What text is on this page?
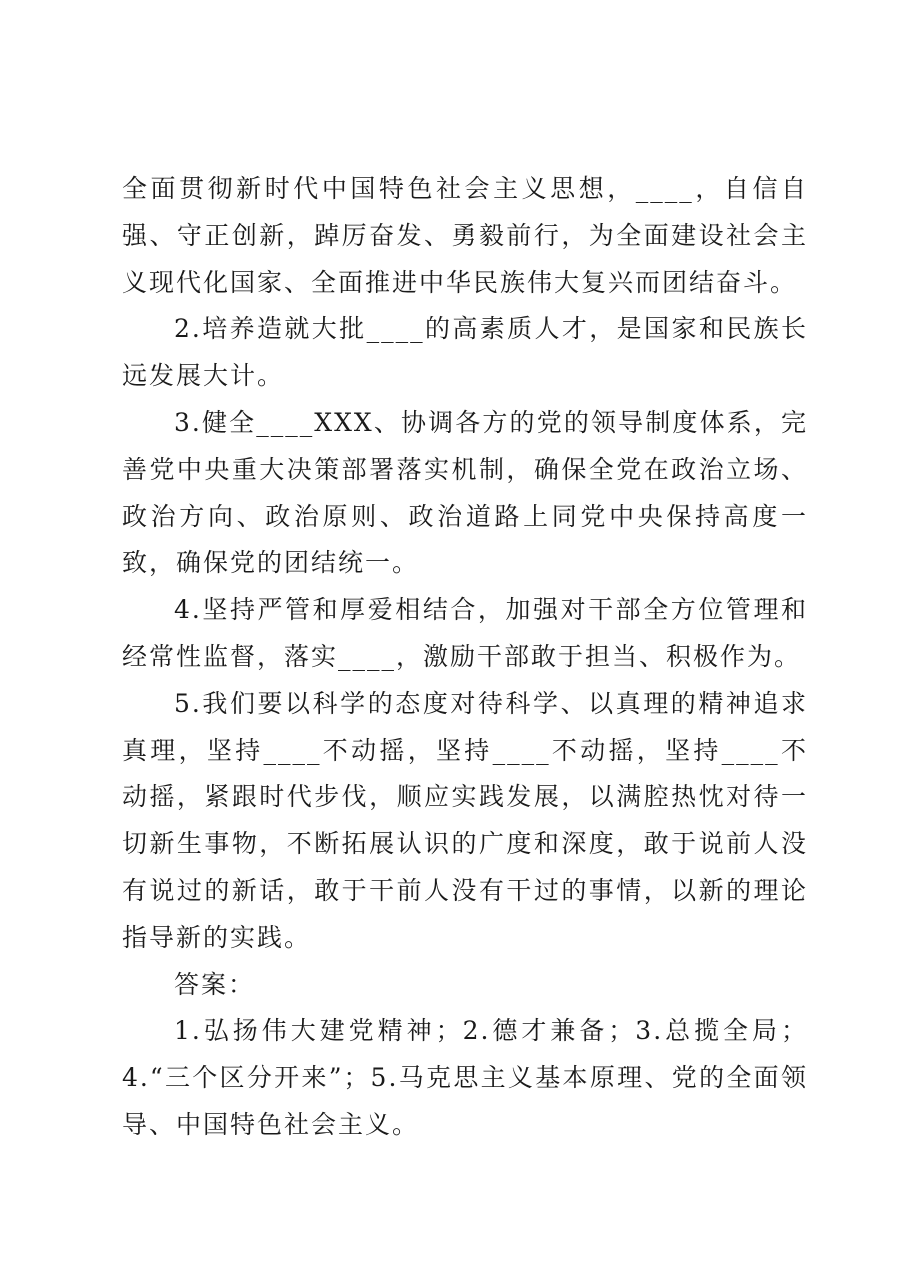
全面贯彻新时代中国特色社会主义思想，____，自信自强、守正创新，踔厉奋发、勇毅前行，为全面建设社会主义现代化国家、全面推进中华民族伟大复兴而团结奋斗。

2.培养造就大批____的高素质人才，是国家和民族长远发展大计。

3.健全____XXX、协调各方的党的领导制度体系，完善党中央重大决策部署落实机制，确保全党在政治立场、政治方向、政治原则、政治道路上同党中央保持高度一致，确保党的团结统一。

4.坚持严管和厚爱相结合，加强对干部全方位管理和经常性监督，落实____，激励干部敢于担当、积极作为。

5.我们要以科学的态度对待科学、以真理的精神追求真理，坚持____不动摇，坚持____不动摇，坚持____不动摇，紧跟时代步伐，顺应实践发展，以满腔热忱对待一切新生事物，不断拓展认识的广度和深度，敢于说前人没有说过的新话，敢于干前人没有干过的事情，以新的理论指导新的实践。

答案：

1.弘扬伟大建党精神；2.德才兼备；3.总揽全局；4.“三个区分开来”；5.马克思主义基本原理、党的全面领导、中国特色社会主义。
